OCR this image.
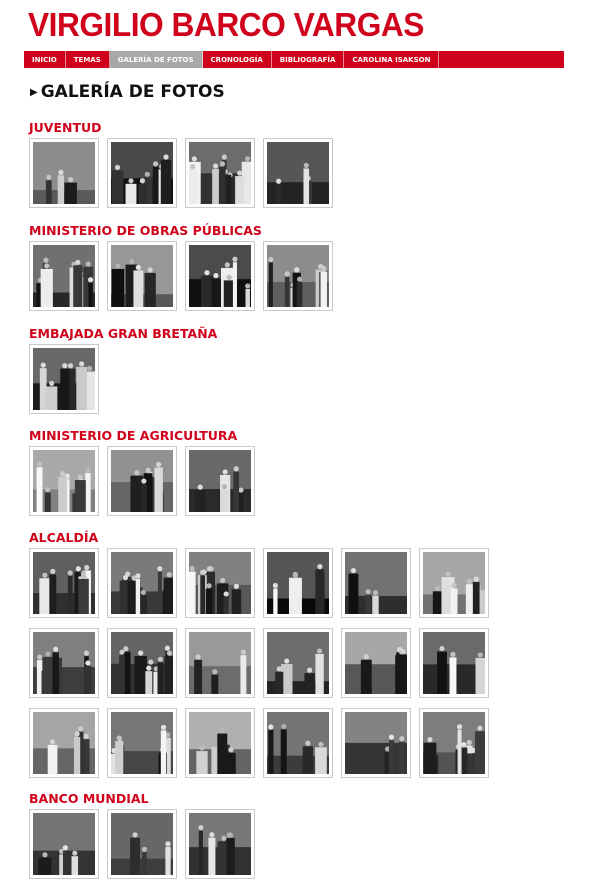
VIRGILIO BARCO VARGAS
INICIO	TEMAS	GALERÍA DE FOTOS	CRONOLOGÍA	BIBLIOGRAFÍA	CAROLINA ISAKSON
▶ GALERÍA DE FOTOS
JUVENTUD
MINISTERIO DE OBRAS PÚBLICAS
EMBAJADA GRAN BRETAÑA
MINISTERIO DE AGRICULTURA
ALCALDÍA
BANCO MUNDIAL
